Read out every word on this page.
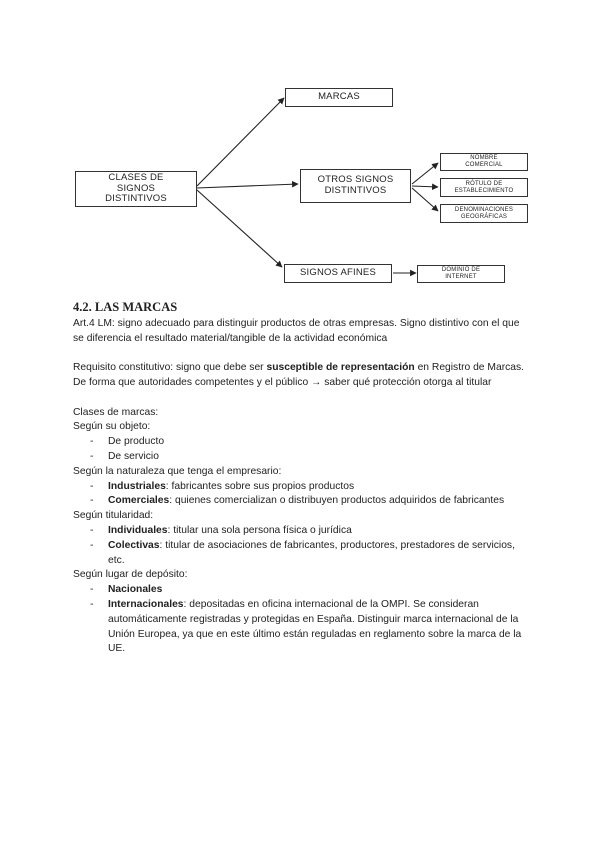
CLASES DE SIGNOS DISTINTIVOS
MARCAS
OTROS SIGNOS DISTINTIVOS
NOMBRE COMERCIAL
RÓTULO DE ESTABLECIMIENTO
DENOMINACIONES GEOGRÁFICAS
SIGNOS AFINES	DOMINIO DE INTERNET
4.2. LAS MARCAS

Art.4 LM: signo adecuado para distinguir productos de otras empresas. Signo distintivo con el que se diferencia el resultado material/tangible de la actividad económica

Requisito constitutivo: signo que debe ser susceptible de representación en Registro de Marcas. De forma que autoridades competentes y el público → saber qué protección otorga al titular

Clases de marcas:

Según su objeto:

- De producto
- De servicio

Según la naturaleza que tenga el empresario:

- Industriales: fabricantes sobre sus propios productos
- Comerciales: quienes comercializan o distribuyen productos adquiridos de fabricantes

Según titularidad:

- Individuales: titular una sola persona física o jurídica
- Colectivas: titular de asociaciones de fabricantes, productores, prestadores de servicios, etc.

Según lugar de depósito:

- Nacionales
- Internacionales: depositadas en oficina internacional de la OMPI. Se consideran automáticamente registradas y protegidas en España. Distinguir marca internacional de la Unión Europea, ya que en este último están reguladas en reglamento sobre la marca de la UE.
